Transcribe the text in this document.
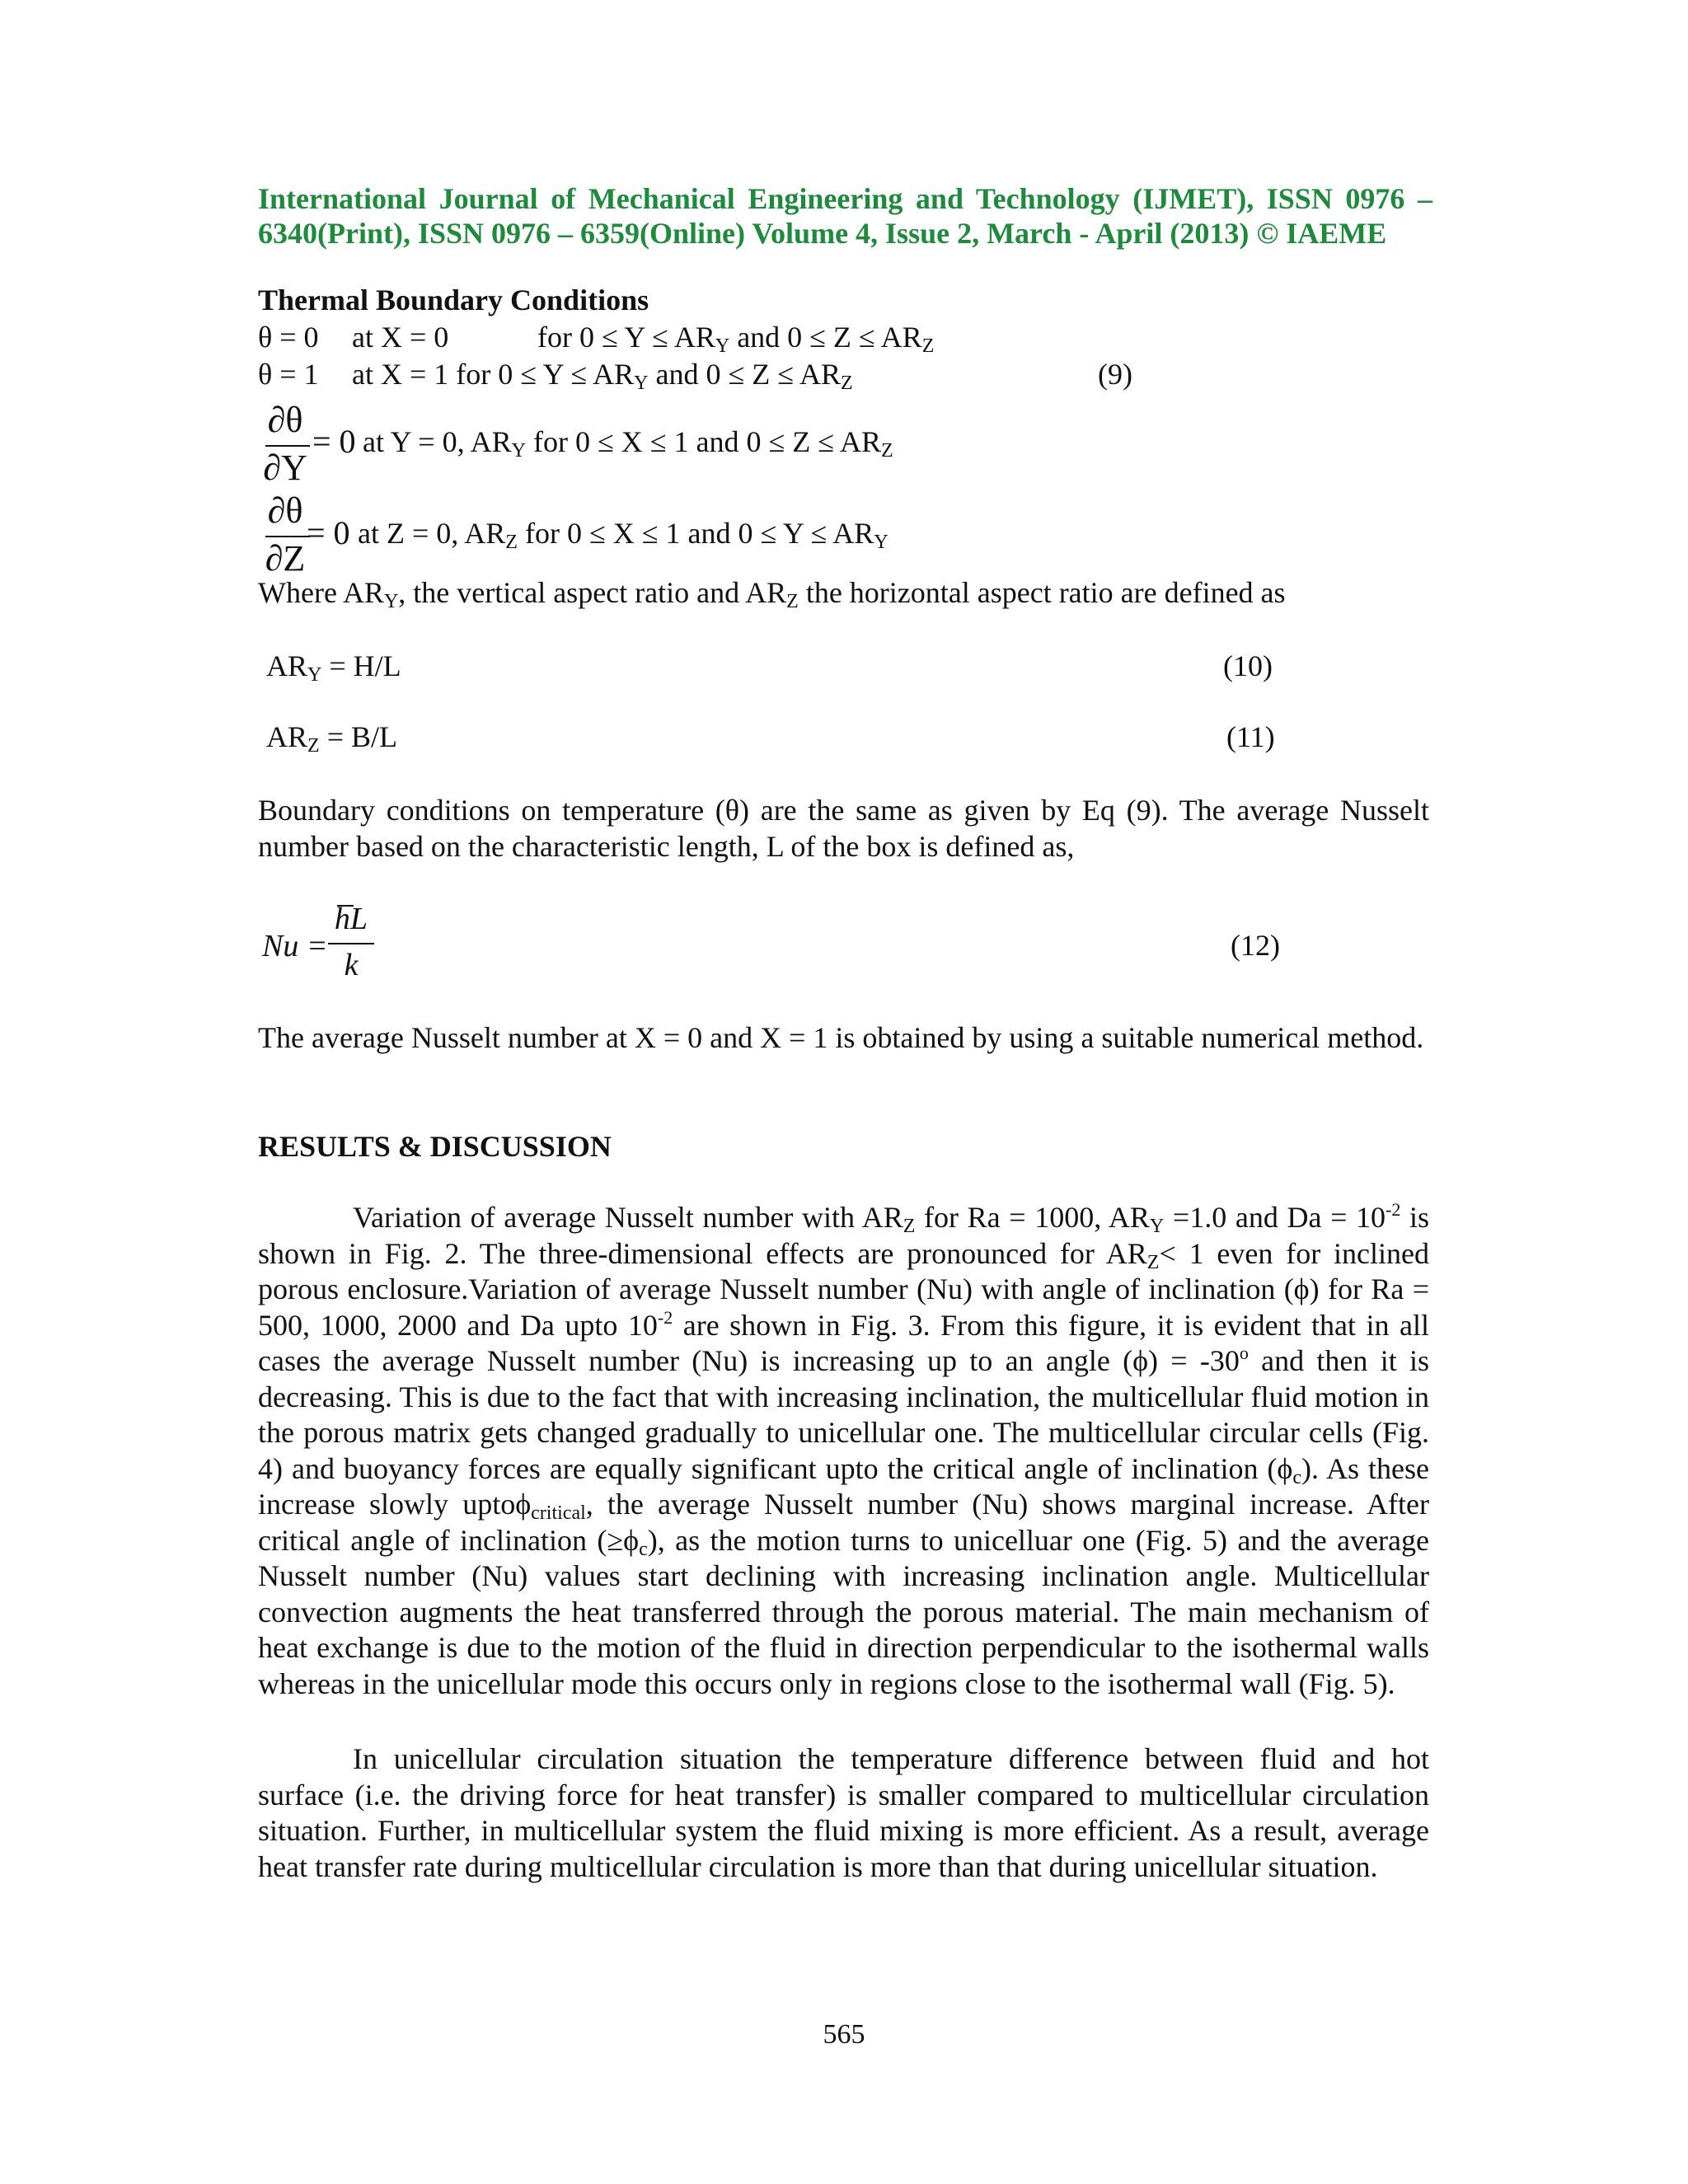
International Journal of Mechanical Engineering and Technology (IJMET), ISSN 0976 –
6340(Print), ISSN 0976 – 6359(Online) Volume 4, Issue 2, March - April (2013) © IAEME
Thermal Boundary Conditions
θ = 0 at X = 0	for $0 \le Y \le AR_Y$ and $0 \le Z \le AR_Z$
θ = 1 at X = 1 for $0 \le Y \le AR_Y$ and $0 \le Z \le AR_Z$	(9)
∂θ
∂Y
= 0 at Y = 0, $AR_Y$ for 0 ≤ X ≤ 1 and $0 \le Z \le AR_Z$
∂θ
∂Z
= 0 at Z = 0, $AR_Z$ for 0 ≤ X ≤ 1 and $0 \le Y \le AR_Y$
Where $AR_Y$, the vertical aspect ratio and $AR_Z$ the horizontal aspect ratio are defined as
$AR_Y = H/L$	(10)
$AR_Z = B/L$	(11)
Boundary conditions on temperature (θ) are the same as given by Eq (9). The average Nusselt number based on the characteristic length, L of the box is defined as,
Nu =
hL
k
(12)
The average Nusselt number at X = 0 and X = 1 is obtained by using a suitable numerical method.
RESULTS & DISCUSSION
Variation of average Nusselt number with $AR_Z$ for Ra = 1000, $AR_Y =1.0$ and $Da = 10^{-2}$ is shown in Fig. 2. The three-dimensional effects are pronounced for $AR_Z< 1$ even for inclined porous enclosure.Variation of average Nusselt number (Nu) with angle of inclination (ϕ) for Ra = 500, 1000, 2000 and Da upto $10^{-2}$ are shown in Fig. 3. From this figure, it is evident that in all cases the average Nusselt number (Nu) is increasing up to an angle $(\phi) = -30^o$ and then it is decreasing. This is due to the fact that with increasing inclination, the multicellular fluid motion in the porous matrix gets changed gradually to unicellular one. The multicellular circular cells (Fig. 4) and buoyancy forces are equally significant upto the critical angle of inclination $(\phi_c)$. As these increase slowly uptoϕ$_{critical}$, the average Nusselt number (Nu) shows marginal increase. After critical angle of inclination $(\ge\phi_c)$, as the motion turns to unicelluar one (Fig. 5) and the average Nusselt number (Nu) values start declining with increasing inclination angle. Multicellular convection augments the heat transferred through the porous material. The main mechanism of heat exchange is due to the motion of the fluid in direction perpendicular to the isothermal walls whereas in the unicellular mode this occurs only in regions close to the isothermal wall (Fig. 5).
In unicellular circulation situation the temperature difference between fluid and hot surface (i.e. the driving force for heat transfer) is smaller compared to multicellular circulation situation. Further, in multicellular system the fluid mixing is more efficient. As a result, average heat transfer rate during multicellular circulation is more than that during unicellular situation.
565
